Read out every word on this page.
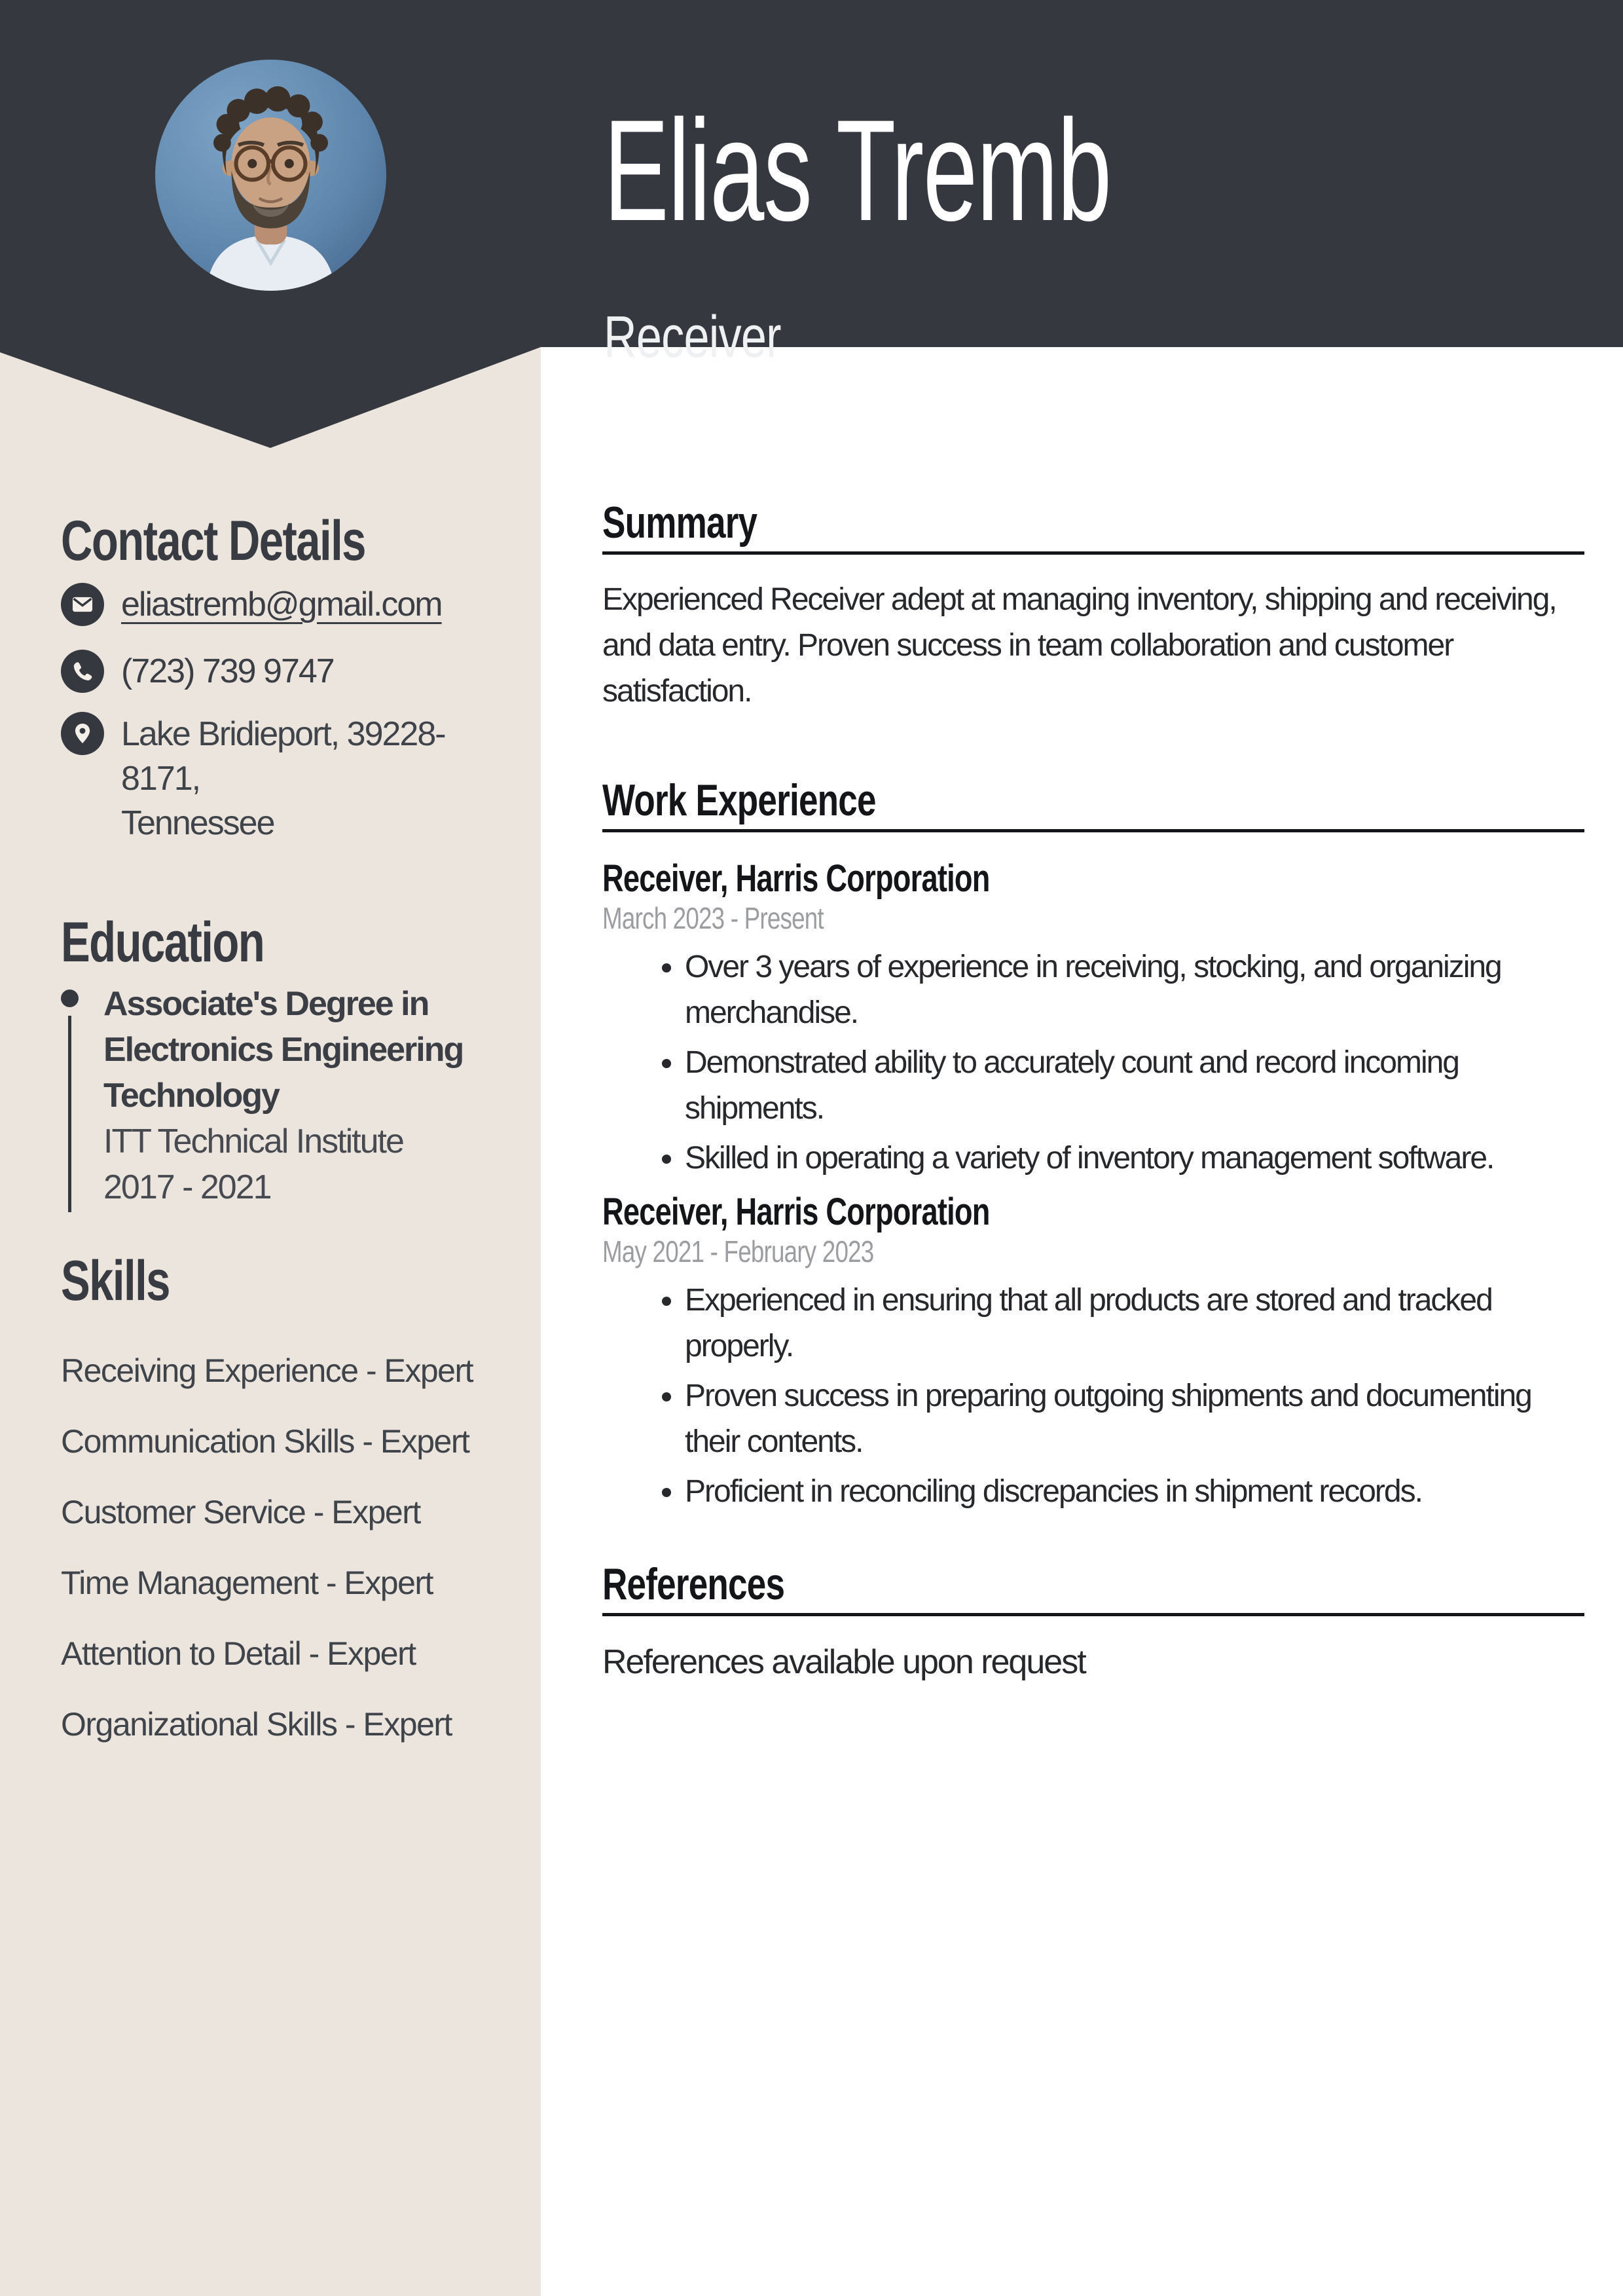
Elias Tremb
Receiver
Contact Details
eliastremb@gmail.com
(723) 739 9747
Lake Bridieport, 39228-8171,
Tennessee
Education
Associate's Degree in Electronics Engineering Technology
ITT Technical Institute
2017 - 2021
Skills
Receiving Experience - Expert
Communication Skills - Expert
Customer Service - Expert
Time Management - Expert
Attention to Detail - Expert
Organizational Skills - Expert
Summary

Experienced Receiver adept at managing inventory, shipping and receiving, and data entry. Proven success in team collaboration and customer satisfaction.

Work Experience
Receiver, Harris Corporation
March 2023 - Present
• Over 3 years of experience in receiving, stocking, and organizing merchandise.
• Demonstrated ability to accurately count and record incoming shipments.
• Skilled in operating a variety of inventory management software.
Receiver, Harris Corporation
May 2021 - February 2023
• Experienced in ensuring that all products are stored and tracked properly.
• Proven success in preparing outgoing shipments and documenting their contents.
• Proficient in reconciling discrepancies in shipment records.
References

References available upon request
